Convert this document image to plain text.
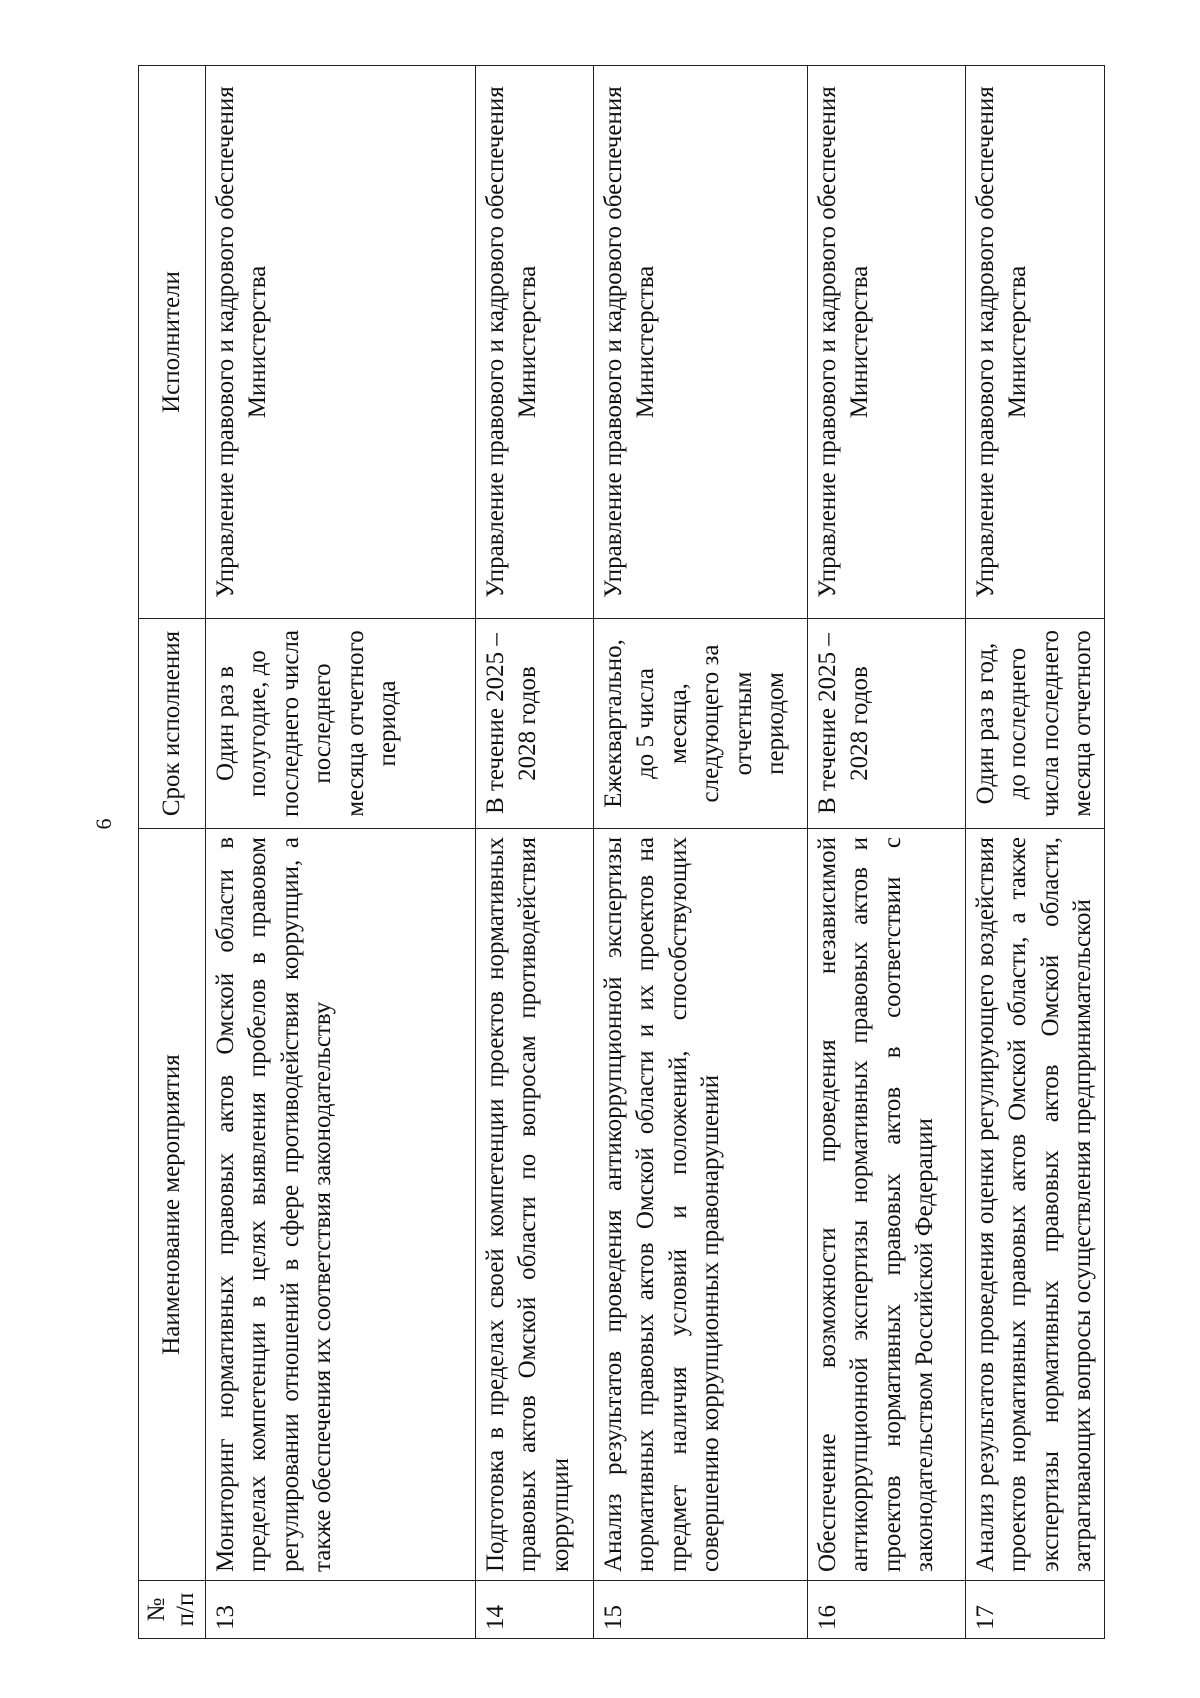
6
№ п/п	Наименование мероприятия	Срок исполнения	Исполнители
13	Мониторинг нормативных правовых актов Омской области в пределах компетенции в целях выявления пробелов в правовом регулировании отношений в сфере противодействия коррупции, а также обеспечения их соответствия законодательству	Один раз в полугодие, до последнего числа последнего месяца отчетного периода	Управление правового и кадрового обеспечения Министерства
14	Подготовка в пределах своей компетенции проектов нормативных правовых актов Омской области по вопросам противодействия коррупции	В течение 2025 – 2028 годов	Управление правового и кадрового обеспечения Министерства
15	Анализ результатов проведения антикоррупционной экспертизы нормативных правовых актов Омской области и их проектов на предмет наличия условий и положений, способствующих совершению коррупционных правонарушений	Ежеквартально, до 5 числа месяца, следующего за отчетным периодом	Управление правового и кадрового обеспечения Министерства
16	Обеспечение возможности проведения независимой антикоррупционной экспертизы нормативных правовых актов и проектов нормативных правовых актов в соответствии с законодательством Российской Федерации	В течение 2025 – 2028 годов	Управление правового и кадрового обеспечения Министерства
17	Анализ результатов проведения оценки регулирующего воздействия проектов нормативных правовых актов Омской области, а также экспертизы нормативных правовых актов Омской области, затрагивающих вопросы осуществления предпринимательской	Один раз в год, до последнего числа последнего месяца отчетного	Управление правового и кадрового обеспечения Министерства
